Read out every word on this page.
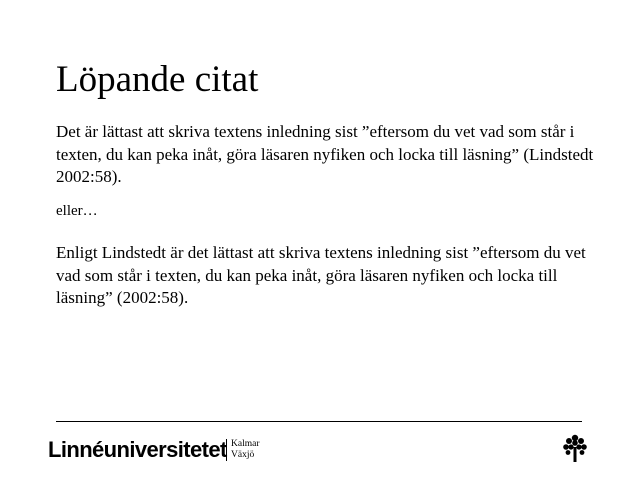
Löpande citat

Det är lättast att skriva textens inledning sist ”eftersom du vet vad som står i texten, du kan peka inåt, göra läsaren nyfiken och locka till läsning” (Lindstedt 2002:58).

eller…

Enligt Lindstedt är det lättast att skriva textens inledning sist ”eftersom du vet vad som står i texten, du kan peka inåt, göra läsaren nyfiken och locka till läsning” (2002:58).

Linnéuniversitetet Kalmar
Växjö
